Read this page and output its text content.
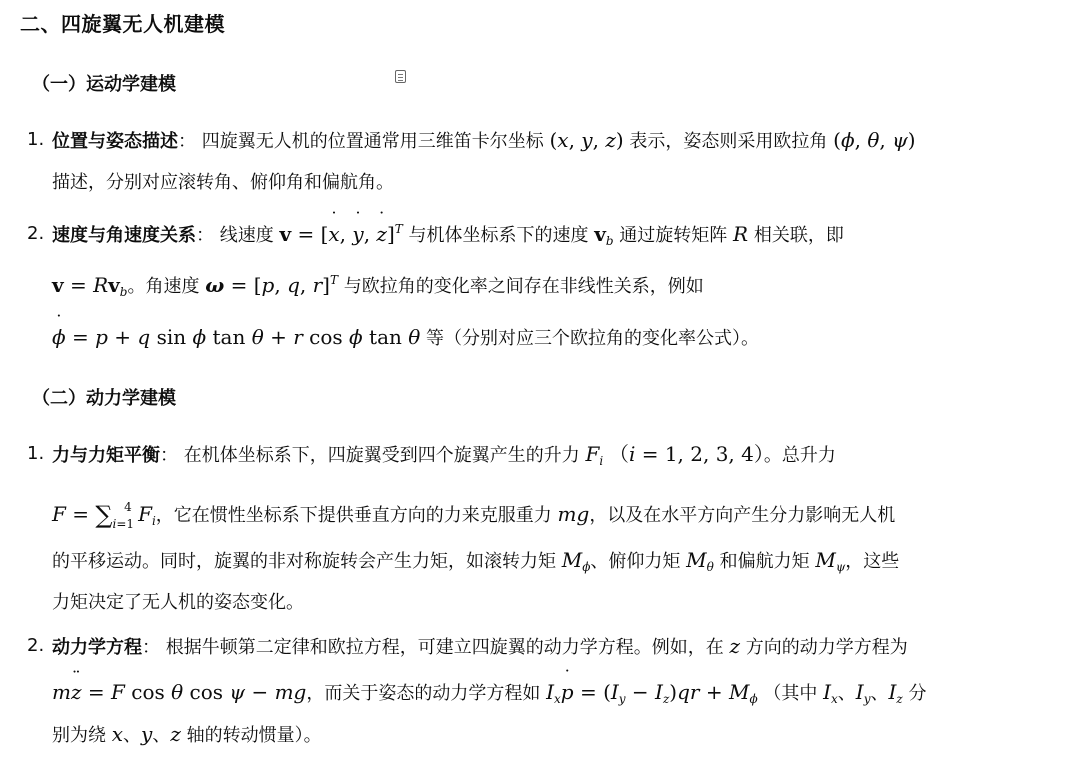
二、四旋翼无人机建模
（一）运动学建模
1. 位置与姿态描述： 四旋翼无人机的位置通常用三维笛卡尔坐标 (x, y, z) 表示，姿态则采用欧拉角 (ϕ, θ, ψ)
描述，分别对应滚转角、俯仰角和偏航角。
2. 速度与角速度关系： 线速度 v = [x ˙, y ˙, z ˙]$^T$ 与机体坐标系下的速度 $v_b$ 通过旋转矩阵 R 相关联，即
$v = Rv_b$。角速度 ω = [p, q, r]$^T$ 与欧拉角的变化率之间存在非线性关系，例如
ϕ ˙ = p + q sin ϕ tan θ + r cos ϕ tan θ 等（分别对应三个欧拉角的变化率公式）。
（二）动力学建模
1. 力与力矩平衡： 在机体坐标系下，四旋翼受到四个旋翼产生的升力 $F_i$ （i = 1, 2, 3, 4）。总升力
$F = \sum_{i=1}^4$ $F_i$，它在惯性坐标系下提供垂直方向的力来克服重力 mg，以及在水平方向产生分力影响无人机
的平移运动。同时，旋翼的非对称旋转会产生力矩，如滚转力矩 $M_\phi$、俯仰力矩 $M_\theta$ 和偏航力矩 $M_\psi$，这些
力矩决定了无人机的姿态变化。
2. 动力学方程： 根据牛顿第二定律和欧拉方程，可建立四旋翼的动力学方程。例如，在 z 方向的动力学方程为
mz ¨ = F cos θ cos ψ − mg，而关于姿态的动力学方程如 $I_xp$ ˙ = $(I_y - I_z)qr + M_\phi$ （其中 $I_x$、$I_y$、$I_z$ 分
别为绕 x、y、z 轴的转动惯量）。
